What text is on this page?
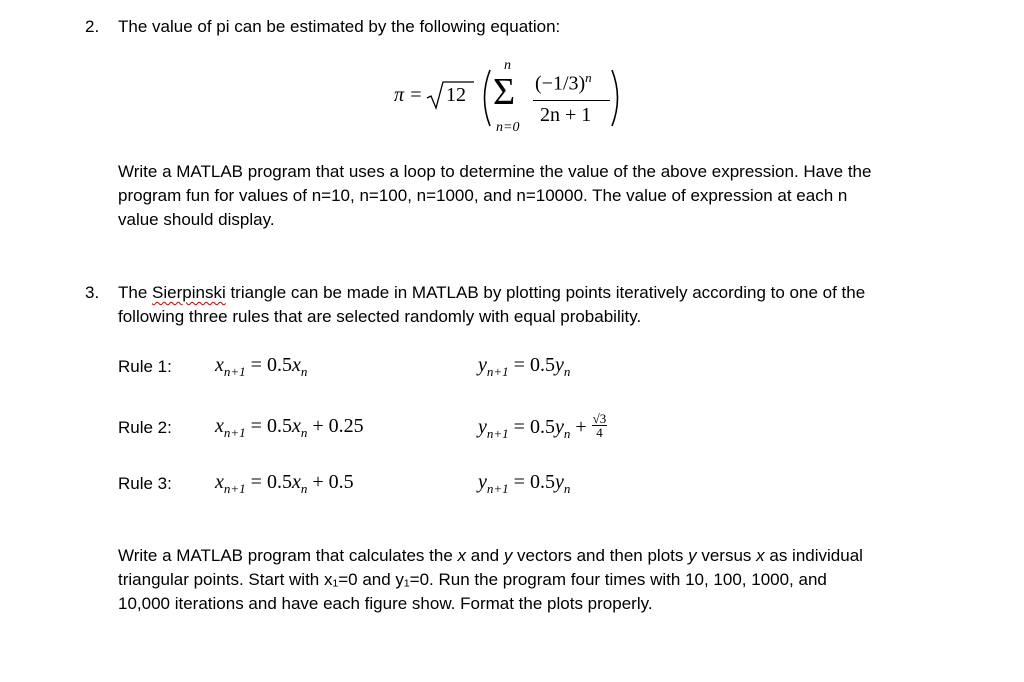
2. The value of pi can be estimated by the following equation:
π = 12
n
Σ
n=0
$(-1/3)^n$
2n + 1
Write a MATLAB program that uses a loop to determine the value of the above expression. Have the
program fun for values of n=10, n=100, n=1000, and n=10000. The value of expression at each n
value should display.
3. The Sierpinski triangle can be made in MATLAB by plotting points iteratively according to one of the
following three rules that are selected randomly with equal probability.
Rule 1: $x_{n+1} = 0.5x_n$	$y_{n+1} = 0.5y_n$
Rule 2: $x_{n+1} = 0.5x_n + 0.25$	$y_{n+1} = 0.5y_n + \frac{√3}{4}$
Rule 3: $x_{n+1} = 0.5x_n + 0.5$	$y_{n+1} = 0.5y_n$
Write a MATLAB program that calculates the x and y vectors and then plots y versus x as individual
triangular points. Start with x₁=0 and y₁=0. Run the program four times with 10, 100, 1000, and
10,000 iterations and have each figure show. Format the plots properly.
